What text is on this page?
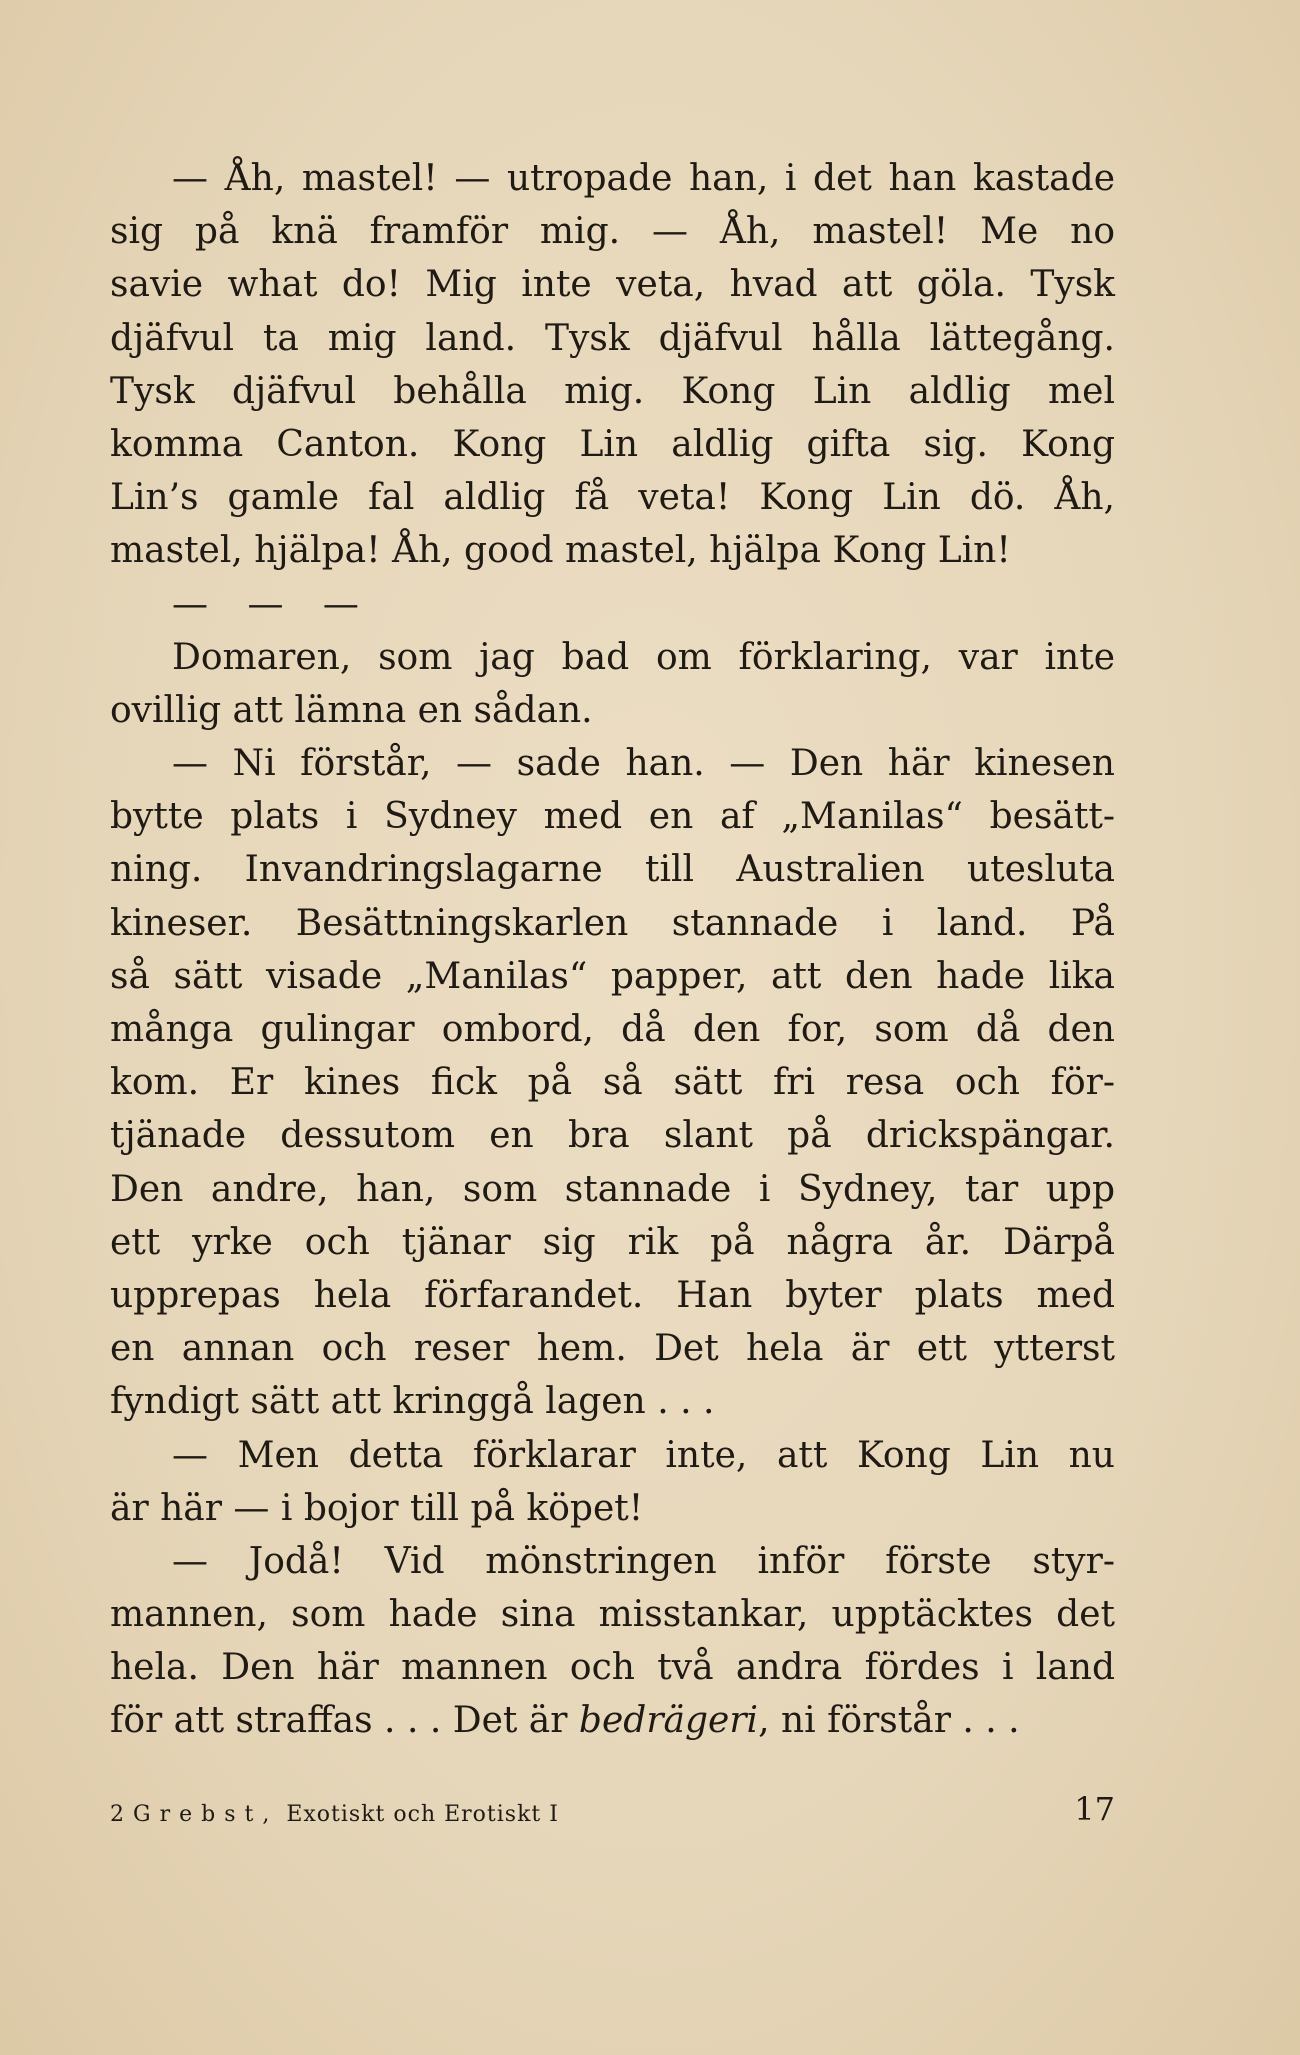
— Åh, mastel! — utropade han, i det han kastade
sig på knä framför mig. — Åh, mastel! Me no
savie what do! Mig inte veta, hvad att göla. Tysk
djäfvul ta mig land. Tysk djäfvul hålla lättegång.
Tysk djäfvul behålla mig. Kong Lin aldlig mel
komma Canton. Kong Lin aldlig gifta sig. Kong
Lin’s gamle fal aldlig få veta! Kong Lin dö. Åh,
mastel, hjälpa! Åh, good mastel, hjälpa Kong Lin!
— — —
Domaren, som jag bad om förklaring, var inte
ovillig att lämna en sådan.
— Ni förstår, — sade han. — Den här kinesen
bytte plats i Sydney med en af „Manilas“ besätt-
ning. Invandringslagarne till Australien utesluta
kineser. Besättningskarlen stannade i land. På
så sätt visade „Manilas“ papper, att den hade lika
många gulingar ombord, då den for, som då den
kom. Er kines fick på så sätt fri resa och för-
tjänade dessutom en bra slant på drickspängar.
Den andre, han, som stannade i Sydney, tar upp
ett yrke och tjänar sig rik på några år. Därpå
upprepas hela förfarandet. Han byter plats med
en annan och reser hem. Det hela är ett ytterst
fyndigt sätt att kringgå lagen . . .
— Men detta förklarar inte, att Kong Lin nu
är här — i bojor till på köpet!
— Jodå! Vid mönstringen inför förste styr-
mannen, som hade sina misstankar, upptäcktes det
hela. Den här mannen och två andra fördes i land
för att straffas . . . Det är bedrägeri, ni förstår . . .
2 Grebst, Exotiskt och Erotiskt I	17
